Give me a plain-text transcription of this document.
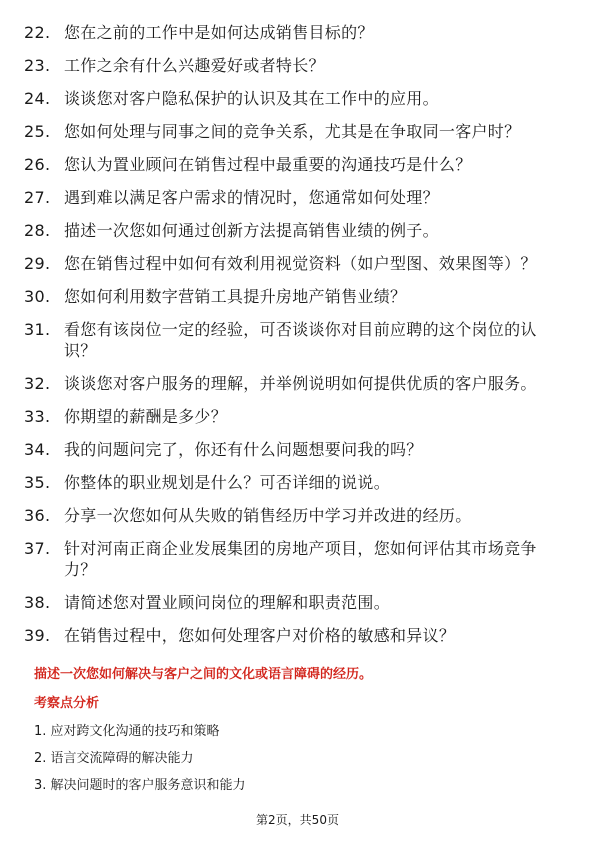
22. 您在之前的工作中是如何达成销售目标的？
23. 工作之余有什么兴趣爱好或者特长？
24. 谈谈您对客户隐私保护的认识及其在工作中的应用。
25. 您如何处理与同事之间的竞争关系，尤其是在争取同一客户时？
26. 您认为置业顾问在销售过程中最重要的沟通技巧是什么？
27. 遇到难以满足客户需求的情况时，您通常如何处理？
28. 描述一次您如何通过创新方法提高销售业绩的例子。
29. 您在销售过程中如何有效利用视觉资料（如户型图、效果图等）？
30. 您如何利用数字营销工具提升房地产销售业绩？
31. 看您有该岗位一定的经验，可否谈谈你对目前应聘的这个岗位的认识？
32. 谈谈您对客户服务的理解，并举例说明如何提供优质的客户服务。
33. 你期望的薪酬是多少？
34. 我的问题问完了，你还有什么问题想要问我的吗？
35. 你整体的职业规划是什么？可否详细的说说。
36. 分享一次您如何从失败的销售经历中学习并改进的经历。
37. 针对河南正商企业发展集团的房地产项目，您如何评估其市场竞争力？
38. 请简述您对置业顾问岗位的理解和职责范围。
39. 在销售过程中，您如何处理客户对价格的敏感和异议？
描述一次您如何解决与客户之间的文化或语言障碍的经历。
考察点分析
1. 应对跨文化沟通的技巧和策略
2. 语言交流障碍的解决能力
3. 解决问题时的客户服务意识和能力
第2页，共50页
